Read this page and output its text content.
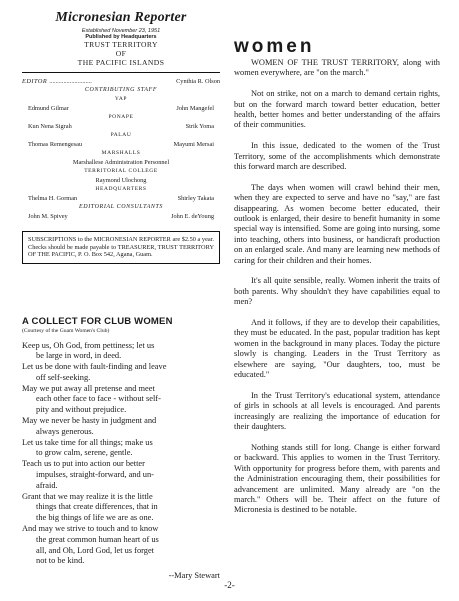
Micronesian Reporter
Established November 23, 1951
Published by Headquarters
TRUST TERRITORY
OF
THE PACIFIC ISLANDS
EDITOR ...........................	Cynthia R. Olson
CONTRIBUTING STAFF
YAP
Edmund Gilmar	John Mangefel
PONAPE
Kun Nena Sigrah	Strik Yoma
PALAU
Thomas Remengesau	Mayumi Mersai
MARSHALLS
Marshallese Administration Personnel
TERRITORIAL COLLEGE
Raymond Ulochong
HEADQUARTERS
Thelma H. Gorman	Shirley Takata
EDITORIAL CONSULTANTS
John M. Spivey	John E. deYoung
SUBSCRIPTIONS to the MICRONESIAN REPORTER are $2.50 a year. Checks should be made payable to TREASURER, TRUST TERRITORY OF THE PACIFIC, P. O. Box 542, Agana, Guam.
A COLLECT FOR CLUB WOMEN
(Courtesy of the Guam Women's Club)
Keep us, Oh God, from pettiness; let us
be large in word, in deed.
Let us be done with fault-finding and leave
off self-seeking.
May we put away all pretense and meet
each other face to face - without self-
pity and without prejudice.
May we never be hasty in judgment and
always generous.
Let us take time for all things; make us
to grow calm, serene, gentle.
Teach us to put into action our better
impulses, straight-forward, and un-
afraid.
Grant that we may realize it is the little
things that create differences, that in
the big things of life we are as one.
And may we strive to touch and to know
the great common human heart of us
all, and Oh, Lord God, let us forget
not to be kind.
--Mary Stewart
women

WOMEN OF THE TRUST TERRITORY, along with women everywhere, are "on the march."

Not on strike, not on a march to demand certain rights, but on the forward march toward better education, better health, better homes and better understanding of the affairs of their communities.

In this issue, dedicated to the women of the Trust Territory, some of the accomplishments which demonstrate this forward march are described.

The days when women will crawl behind their men, when they are expected to serve and have no "say," are fast disappearing. As women become better educated, their outlook is enlarged, their desire to benefit humanity in some special way is intensified. Some are going into nursing, some into teaching, others into business, or handicraft production on an enlarged scale. And many are learning new methods of caring for their children and their homes.

It's all quite sensible, really. Women inherit the traits of both parents. Why shouldn't they have capabilities equal to men?

And it follows, if they are to develop their capabilities, they must be educated. In the past, popular tradition has kept women in the background in many places. Today the picture slowly is changing. Leaders in the Trust Territory as elsewhere are saying, "Our daughters, too, must be educated."

In the Trust Territory's educational system, attendance of girls in schools at all levels is encouraged. And parents increasingly are realizing the importance of education for their daughters.

Nothing stands still for long. Change is either forward or backward. This applies to women in the Trust Territory. With opportunity for progress before them, with parents and the Administration encouraging them, their possibilities for advancement are unlimited. Many already are "on the march." Others will be. Their affect on the future of Micronesia is destined to be notable.

-2-
